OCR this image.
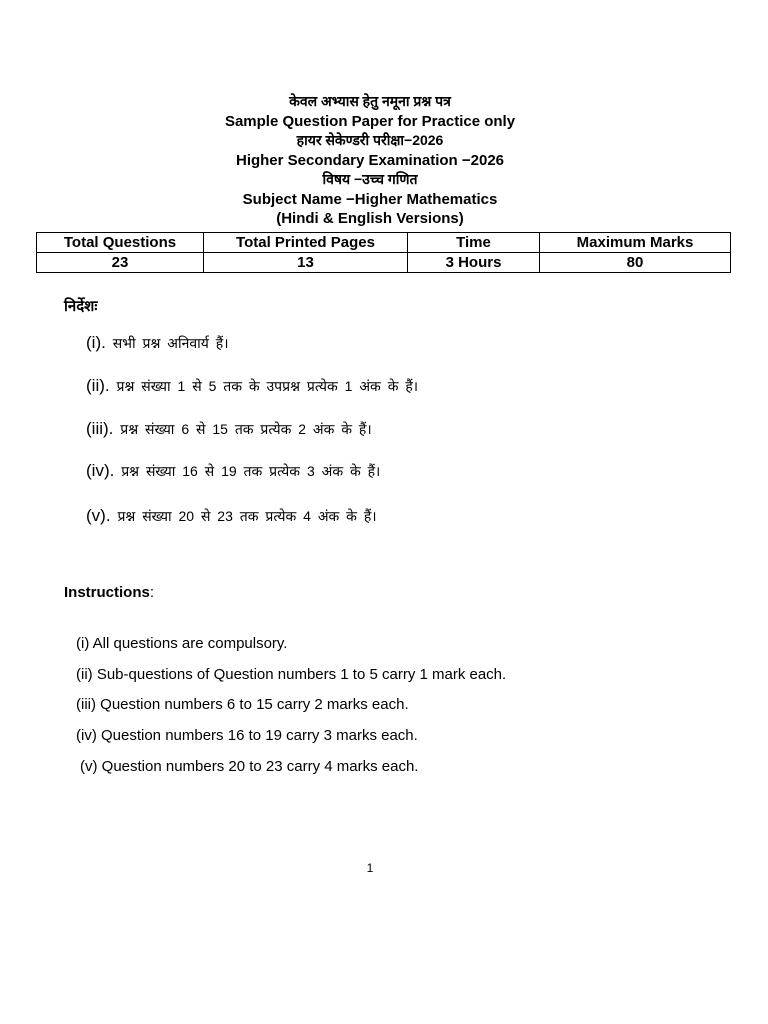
केवल अभ्यास हेतु नमूना प्रश्न पत्र
Sample Question Paper for Practice only
हायर सेकेण्डरी परीक्षा−2026
Higher Secondary Examination −2026
विषय −उच्च गणित
Subject Name −Higher Mathematics
(Hindi & English Versions)
Total Questions	Total Printed Pages	Time	Maximum Marks
23	13	3 Hours	80
निर्देशः
(i). सभी प्रश्न अनिवार्य हैं।
(ii). प्रश्न संख्या 1 से 5 तक के उपप्रश्न प्रत्येक 1 अंक के हैं।
(iii). प्रश्न संख्या 6 से 15 तक प्रत्येक 2 अंक के हैं।
(iv). प्रश्न संख्या 16 से 19 तक प्रत्येक 3 अंक के हैं।
(v). प्रश्न संख्या 20 से 23 तक प्रत्येक 4 अंक के हैं।
Instructions:
(i) All questions are compulsory.
(ii) Sub-questions of Question numbers 1 to 5 carry 1 mark each.
(iii) Question numbers 6 to 15 carry 2 marks each.
(iv) Question numbers 16 to 19 carry 3 marks each.
(v) Question numbers 20 to 23 carry 4 marks each.
1
